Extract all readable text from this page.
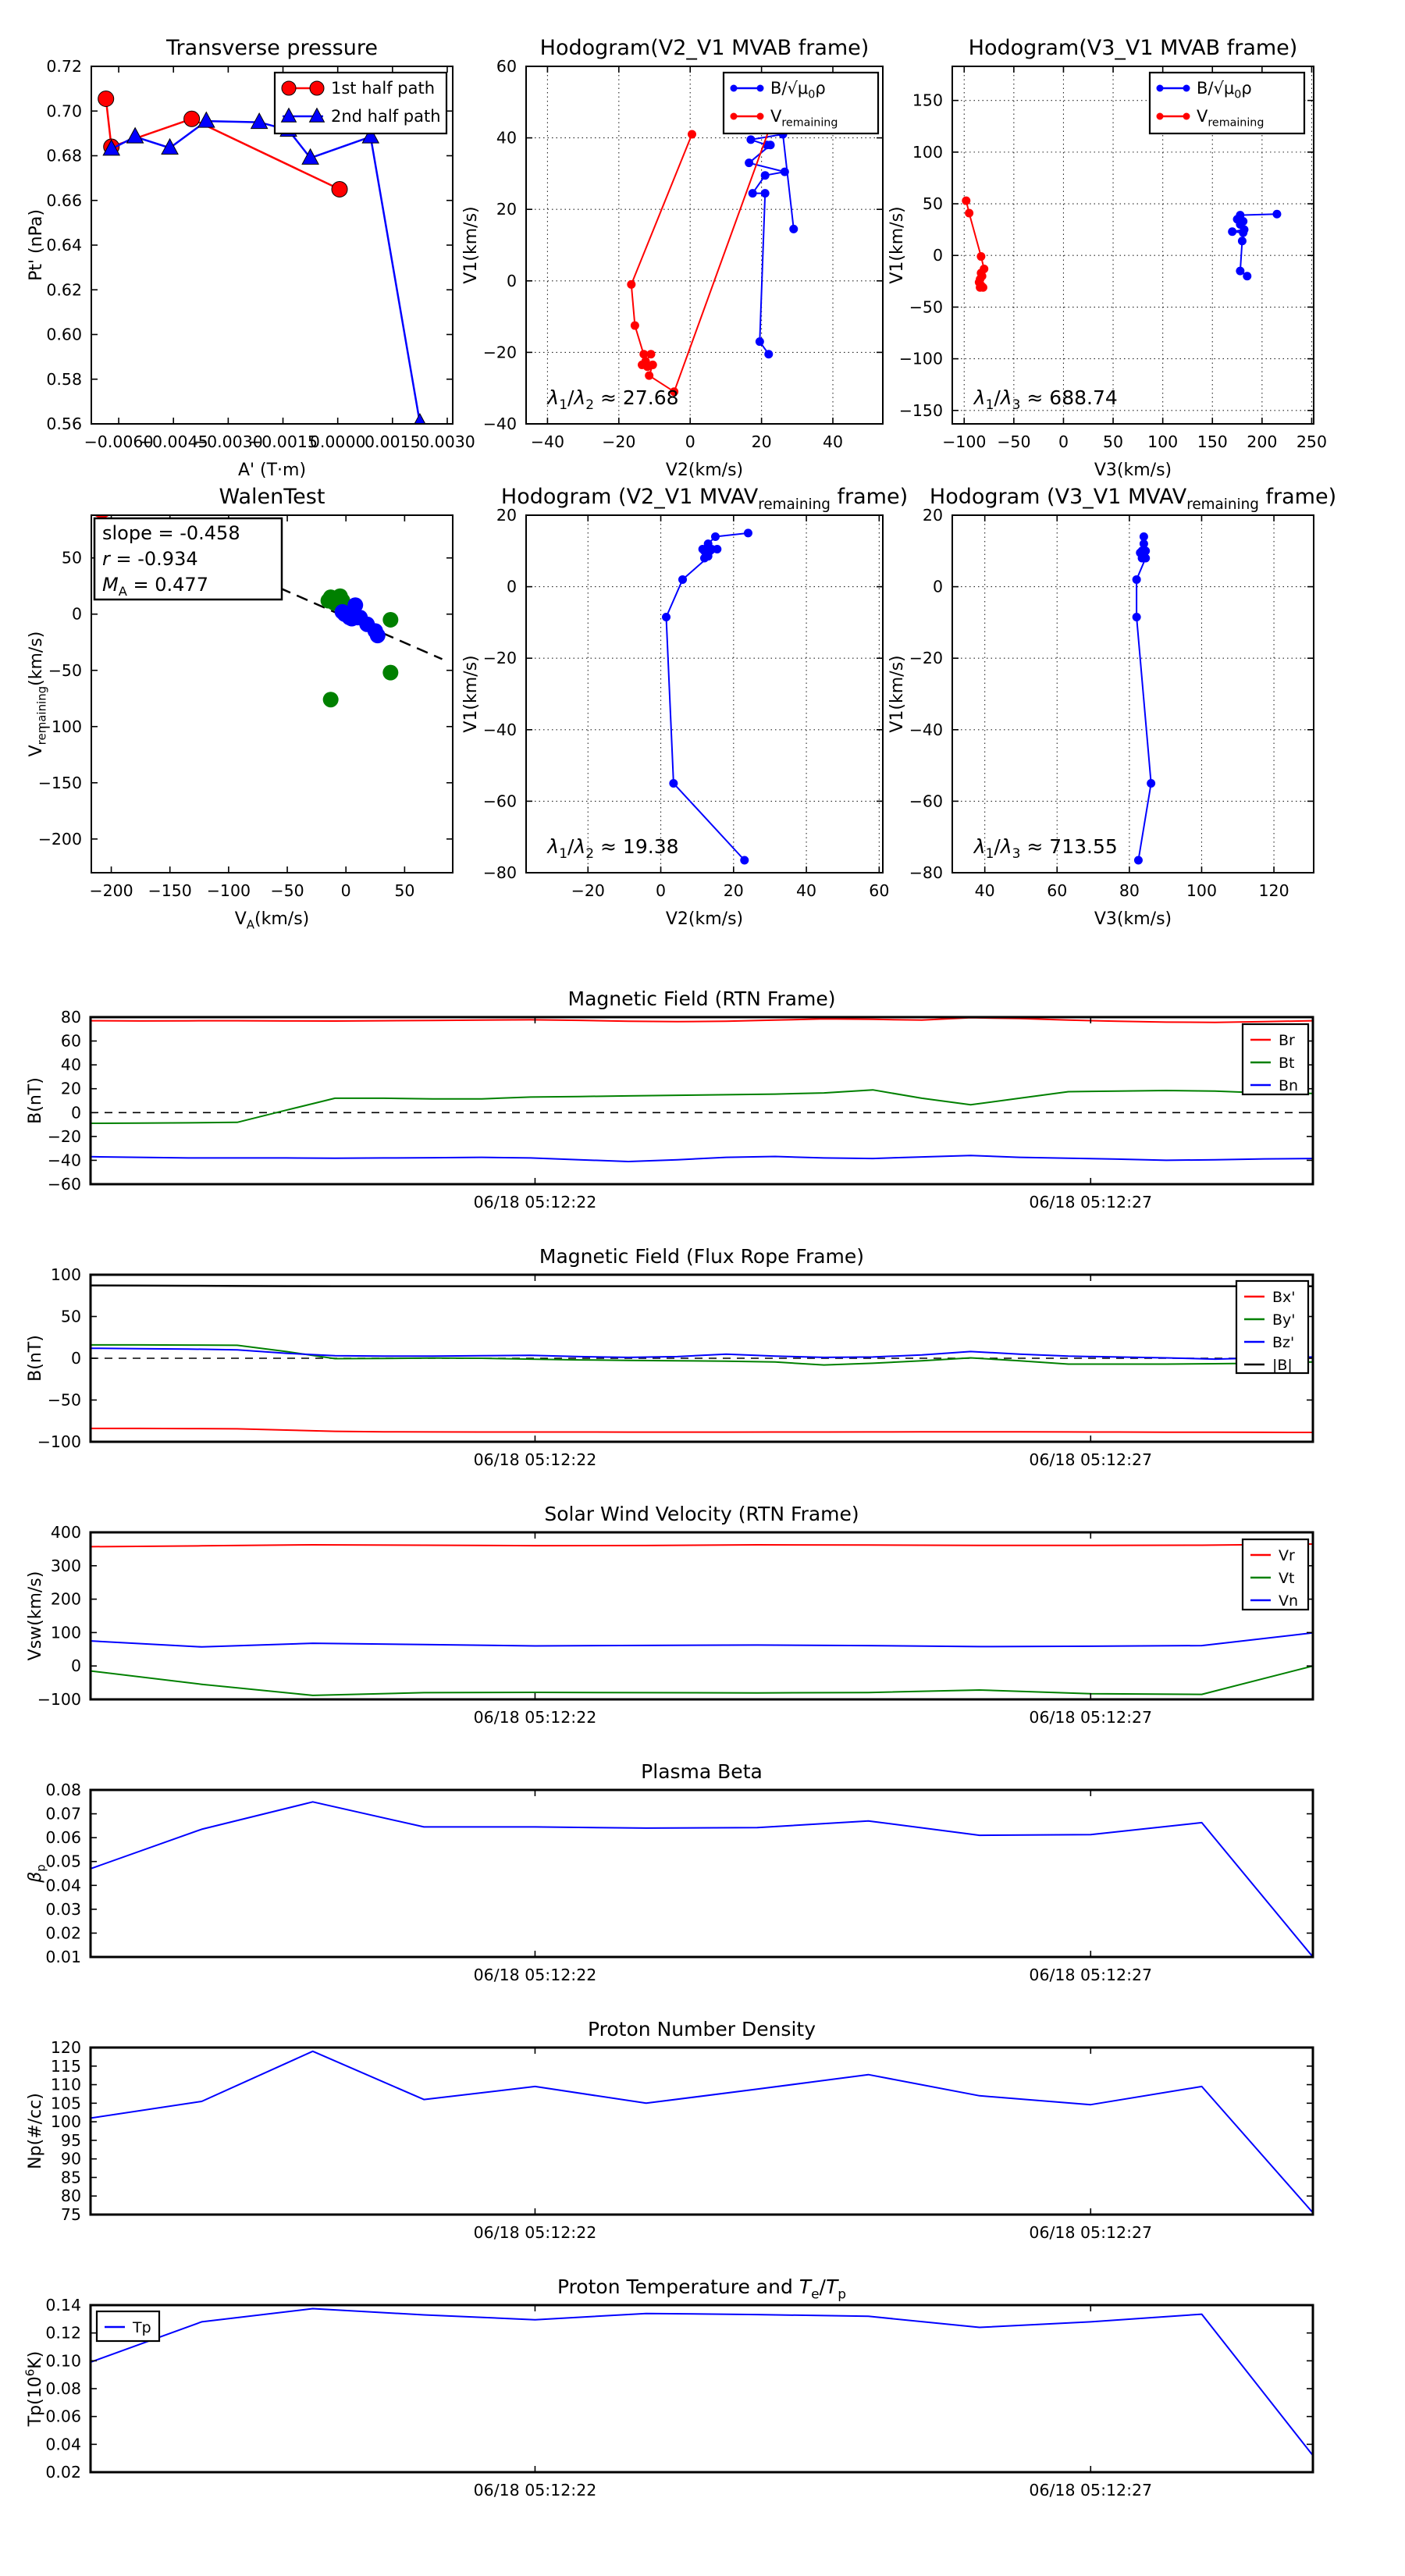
−0.0060
−0.0045
−0.0030
−0.0015
0.0000
0.0015
0.0030
0.56
0.58
0.60
0.62
0.64
0.66
0.68
0.70
0.72
Transverse pressure
A' (T·m)
Pt' (nPa)
1st half path
2nd half path
−40 −20	0	20	40
−40
−20
0
20
40
60
Hodogram(V2_V1 MVAB frame)
V2(km/s)
V1(km/s)
$\lambda_1/\lambda_2 \approx 27.68$
$B/√\mu_0\rho$
$V_{remaining}$
−100 −50 0 50 100 150 200 250
−150
−100
−50
0
50
100
150
Hodogram(V3_V1 MVAB frame)
V3(km/s)
V1(km/s)
$\lambda_1/\lambda_3 \approx 688.74$
$B/√\mu_0\rho$
$V_{remaining}$
−200 −150 −100 −50 0	50
−200
−150
−100
−50
0
50
WalenTest
$V_A(km/s)$
$V_{remaining}(km/s)$
slope = -0.458
r = -0.934
$M_A = 0.477$
−20	0	20	40	60
−80
−60
−40
−20
0
20
Hodogram (V2_V1 $MVAV_{remaining}$ frame)
V2(km/s)
V1(km/s)
$\lambda_1/\lambda_2 \approx 19.38$
40	60	80	100	120
−80
−60
−40
−20
0
20
Hodogram (V3_V1 $MVAV_{remaining}$ frame)
V3(km/s)
V1(km/s)
$\lambda_1/\lambda_3 \approx 713.55$
06/18 05:12:22	06/18 05:12:27
−60
−40
−20
0
20
40
60
80
Magnetic Field (RTN Frame)
B(nT)
Br
Bt
Bn
06/18 05:12:22	06/18 05:12:27
−100
−50
0
50
100
Magnetic Field (Flux Rope Frame)
B(nT)
Bx'
By'
Bz'
|B|
06/18 05:12:22	06/18 05:12:27
−100
0
100
200
300
400
Solar Wind Velocity (RTN Frame)
Vsw(km/s)
Vr
Vt
Vn
06/18 05:12:22	06/18 05:12:27
0.01
0.02
0.03
0.04
0.05
0.06
0.07
0.08
Plasma Beta
$\beta_p$
06/18 05:12:22	06/18 05:12:27
75
80
85
90
95
100
105
110
115
120
Proton Number Density
Np(#/cc)
06/18 05:12:22	06/18 05:12:27
0.02
0.04
0.06
0.08
0.10
0.12
0.14
Proton Temperature and $T_e/T_p$
$Tp(10^6K)$
Tp
